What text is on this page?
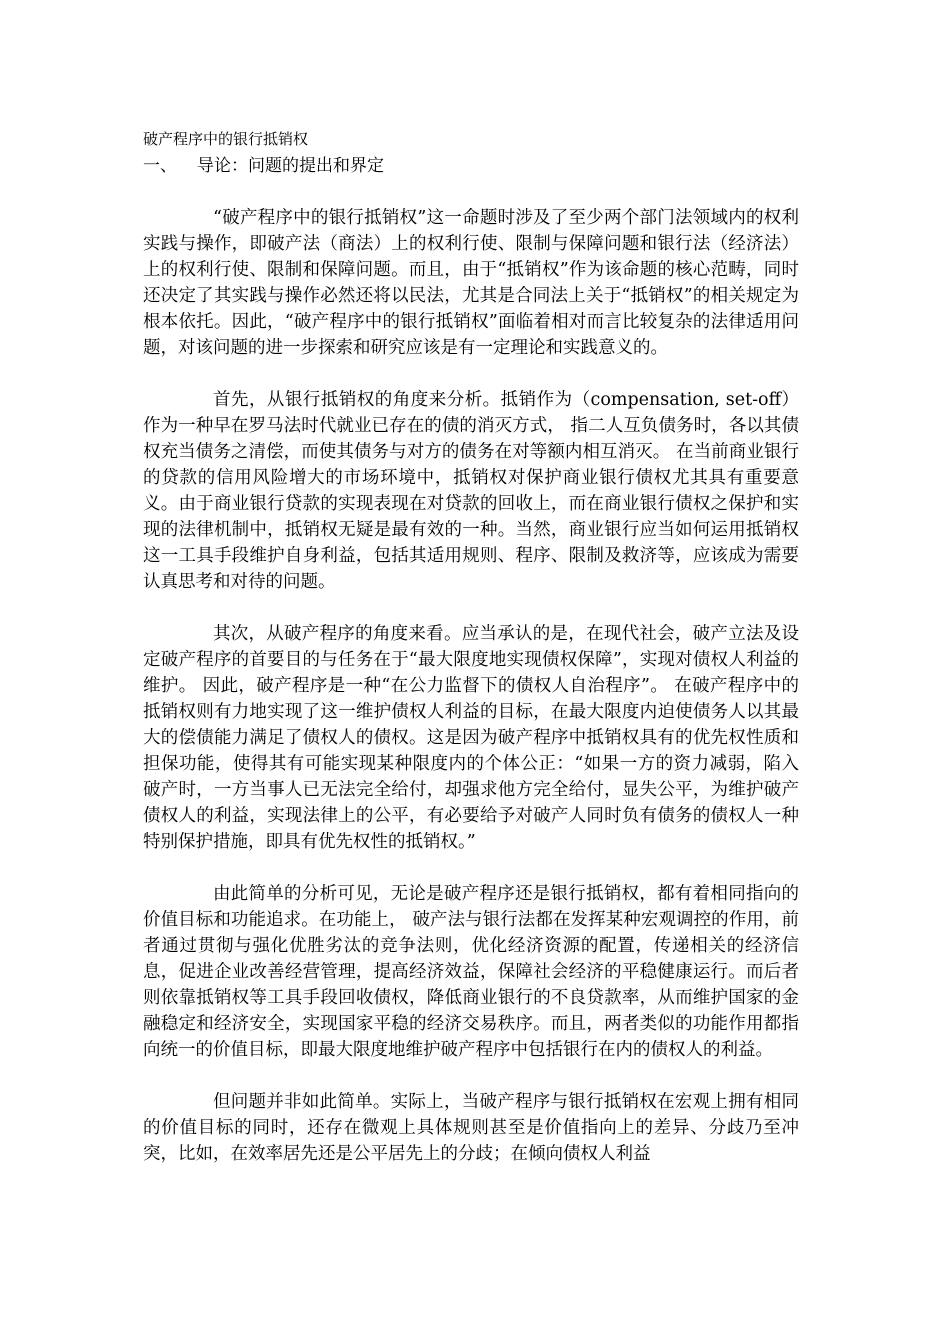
破产程序中的银行抵销权
一、 导论：问题的提出和界定

“破产程序中的银行抵销权”这一命题时涉及了至少两个部门法领域内的权利实践与操作，即破产法（商法）上的权利行使、限制与保障问题和银行法（经济法）上的权利行使、限制和保障问题。而且，由于“抵销权”作为该命题的核心范畴，同时还决定了其实践与操作必然还将以民法，尤其是合同法上关于“抵销权”的相关规定为根本依托。因此，“破产程序中的银行抵销权”面临着相对而言比较复杂的法律适用问题，对该问题的进一步探索和研究应该是有一定理论和实践意义的。

首先，从银行抵销权的角度来分析。抵销作为（compensation, set-off）作为一种早在罗马法时代就业已存在的债的消灭方式， 指二人互负债务时，各以其债权充当债务之清偿，而使其债务与对方的债务在对等额内相互消灭。 在当前商业银行的贷款的信用风险增大的市场环境中，抵销权对保护商业银行债权尤其具有重要意义。由于商业银行贷款的实现表现在对贷款的回收上，而在商业银行债权之保护和实现的法律机制中，抵销权无疑是最有效的一种。当然，商业银行应当如何运用抵销权这一工具手段维护自身利益，包括其适用规则、程序、限制及救济等，应该成为需要认真思考和对待的问题。

其次，从破产程序的角度来看。应当承认的是，在现代社会，破产立法及设定破产程序的首要目的与任务在于“最大限度地实现债权保障”，实现对债权人利益的维护。 因此，破产程序是一种“在公力监督下的债权人自治程序”。 在破产程序中的抵销权则有力地实现了这一维护债权人利益的目标，在最大限度内迫使债务人以其最大的偿债能力满足了债权人的债权。这是因为破产程序中抵销权具有的优先权性质和担保功能，使得其有可能实现某种限度内的个体公正：“如果一方的资力减弱，陷入破产时，一方当事人已无法完全给付，却强求他方完全给付，显失公平，为维护破产债权人的利益，实现法律上的公平，有必要给予对破产人同时负有债务的债权人一种特别保护措施，即具有优先权性的抵销权。”

由此简单的分析可见，无论是破产程序还是银行抵销权，都有着相同指向的价值目标和功能追求。在功能上， 破产法与银行法都在发挥某种宏观调控的作用，前者通过贯彻与强化优胜劣汰的竞争法则，优化经济资源的配置，传递相关的经济信息，促进企业改善经营管理，提高经济效益，保障社会经济的平稳健康运行。而后者则依靠抵销权等工具手段回收债权，降低商业银行的不良贷款率，从而维护国家的金融稳定和经济安全，实现国家平稳的经济交易秩序。而且，两者类似的功能作用都指向统一的价值目标，即最大限度地维护破产程序中包括银行在内的债权人的利益。

但问题并非如此简单。实际上，当破产程序与银行抵销权在宏观上拥有相同的价值目标的同时，还存在微观上具体规则甚至是价值指向上的差异、分歧乃至冲突，比如，在效率居先还是公平居先上的分歧；在倾向债权人利益
